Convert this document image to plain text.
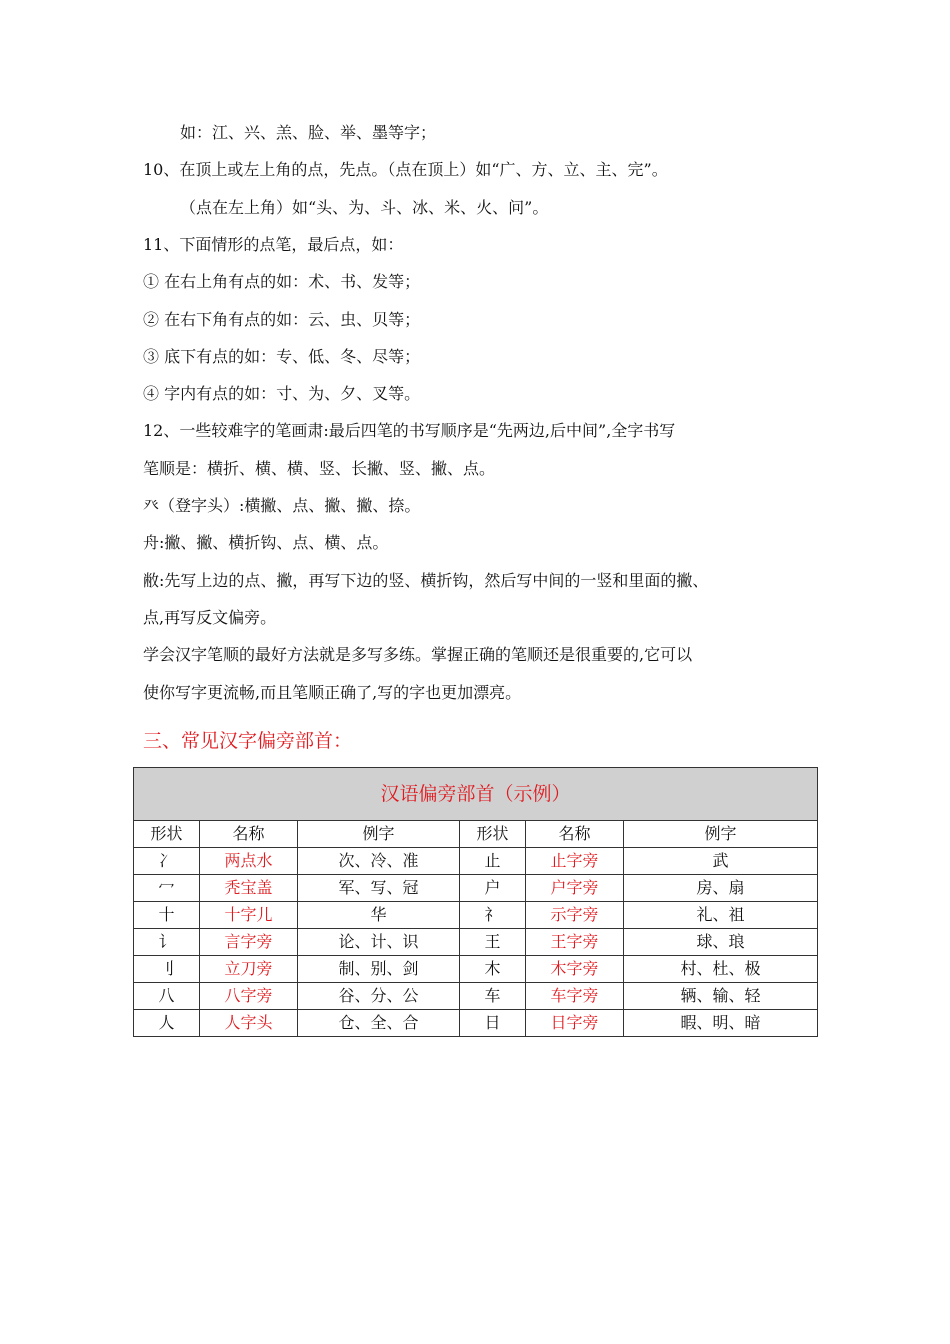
如：江、兴、羔、脸、举、墨等字；
10、在顶上或左上角的点，先点。（点在顶上）如“广、方、立、主、完”。
（点在左上角）如“头、为、斗、冰、米、火、问”。
11、下面情形的点笔，最后点，如：
① 在右上角有点的如：术、书、发等；
② 在右下角有点的如：云、虫、贝等；
③ 底下有点的如：专、低、冬、尽等；
④ 字内有点的如：寸、为、夕、叉等。
12、一些较难字的笔画肃:最后四笔的书写顺序是“先两边,后中间”,全字书写
笔顺是：横折、横、横、竖、长撇、竖、撇、点。
癶（登字头）:横撇、点、撇、撇、捺。
舟:撇、撇、横折钩、点、横、点。
敝:先写上边的点、撇，再写下边的竖、横折钩，然后写中间的一竖和里面的撇、
点,再写反文偏旁。
学会汉字笔顺的最好方法就是多写多练。掌握正确的笔顺还是很重要的,它可以
使你写字更流畅,而且笔顺正确了,写的字也更加漂亮。
三、常见汉字偏旁部首：
汉语偏旁部首（示例）					
形状	名称	例字	形状	名称	例字
冫	两点水	次、冷、准	止	止字旁	武
冖	秃宝盖	军、写、冠	户	户字旁	房、扇
十	十字儿	华	礻	示字旁	礼、祖
讠	言字旁	论、计、识	王	王字旁	球、琅
刂	立刀旁	制、别、剑	木	木字旁	村、杜、极
八	八字旁	谷、分、公	车	车字旁	辆、输、轻
人	人字头	仓、全、合	日	日字旁	暇、明、暗
